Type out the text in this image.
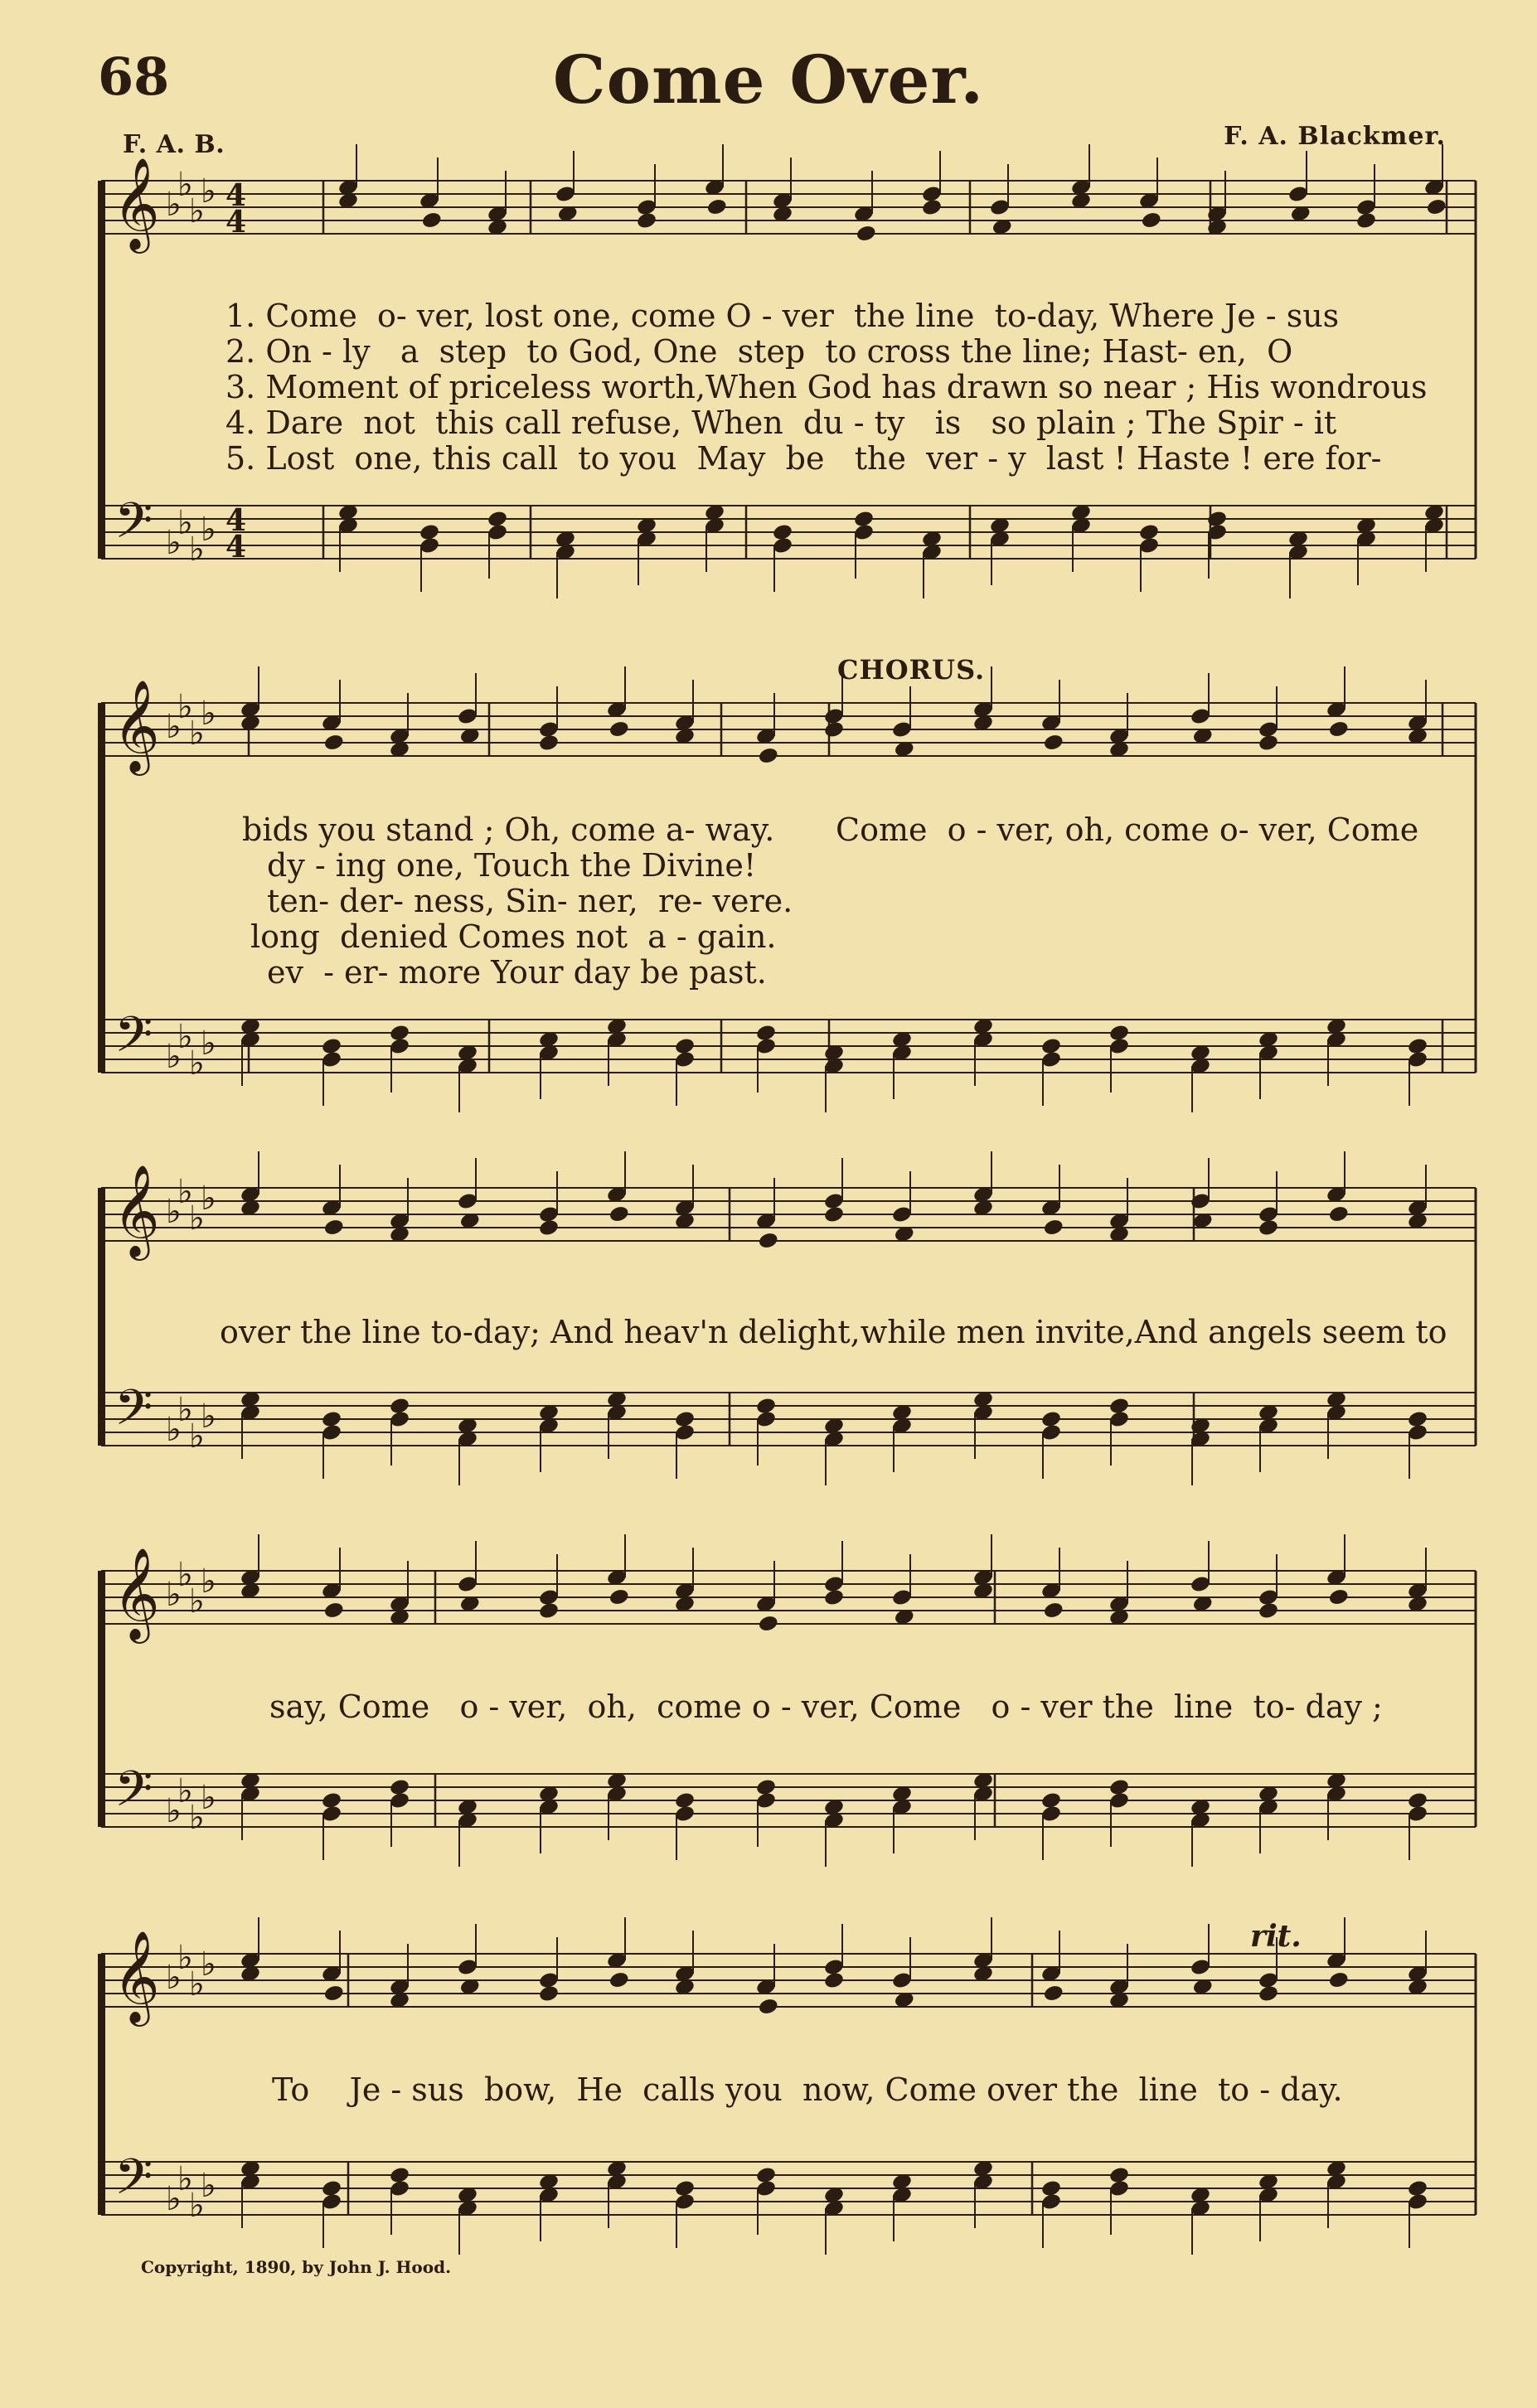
𝄞
𝄢
♭
♭
♭
♭
♭
♭
♭
♭
4
4
4
4
𝄞
𝄢
♭
♭
♭
♭
♭
♭
♭
♭
𝄞
𝄢
♭
♭
♭
♭
♭
♭
♭
♭
𝄞
𝄢
♭
♭
♭
♭
♭
♭
♭
♭
𝄞
𝄢
♭
♭
♭
♭
♭
♭
♭
♭
68	Come Over.
F. A. B.	F. A. Blackmer.
1. Come  o- ver, lost one, come O - ver  the line  to-day, Where Je - sus
2. On - ly   a  step  to God, One  step  to cross the line; Hast- en,  O
3. Moment of priceless worth,When God has drawn so near ; His wondrous
4. Dare  not  this call refuse, When  du - ty   is   so plain ; The Spir - it
5. Lost  one, this call  to you  May  be   the  ver - y  last ! Haste ! ere for-
CHORUS.
bids you stand ; Oh, come a- way.
dy - ing one, Touch the Divine!
ten- der- ness, Sin- ner,  re- vere.
long  denied Comes not  a - gain.
ev  - er- more Your day be past.
Come  o - ver, oh, come o- ver, Come
over the line to-day; And heav'n delight,while men invite,And angels seem to
say, Come   o - ver,  oh,  come o - ver, Come   o - ver the  line  to- day ;
rit.
To    Je - sus  bow,  He  calls you  now, Come over the  line  to - day.
Copyright, 1890, by John J. Hood.
